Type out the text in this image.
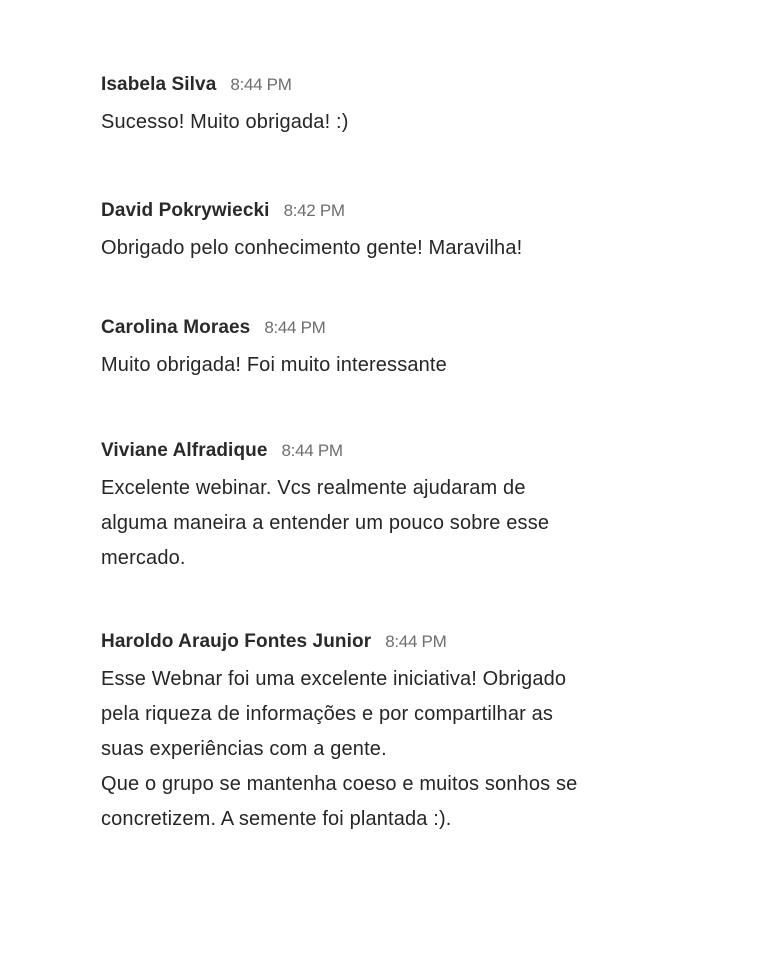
Isabela Silva 8:44 PM
Sucesso! Muito obrigada! :)
David Pokrywiecki 8:42 PM
Obrigado pelo conhecimento gente! Maravilha!
Carolina Moraes 8:44 PM
Muito obrigada! Foi muito interessante
Viviane Alfradique 8:44 PM
Excelente webinar. Vcs realmente ajudaram de
alguma maneira a entender um pouco sobre esse
mercado.
Haroldo Araujo Fontes Junior 8:44 PM
Esse Webnar foi uma excelente iniciativa! Obrigado
pela riqueza de informações e por compartilhar as
suas experiências com a gente.
Que o grupo se mantenha coeso e muitos sonhos se
concretizem. A semente foi plantada :).
